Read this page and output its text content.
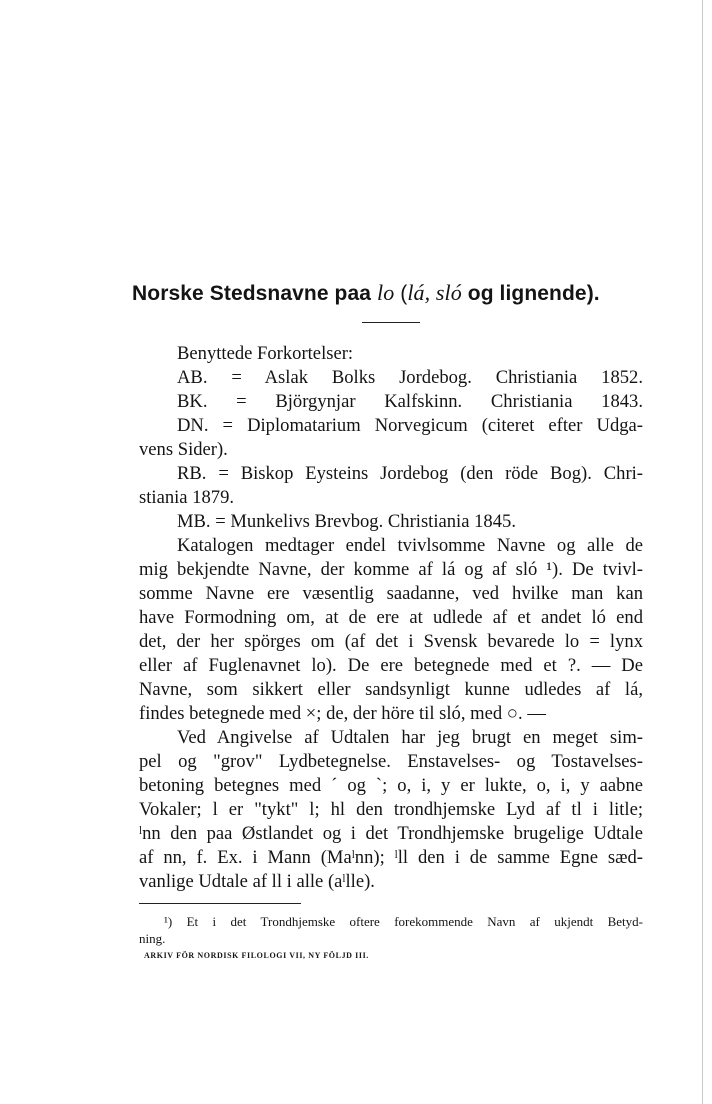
Norske Stedsnavne paa lo (lá, sló og lignende).
Benyttede Forkortelser:
AB. = Aslak Bolks Jordebog. Christiania 1852.
BK. = Björgynjar Kalfskinn. Christiania 1843.
DN. = Diplomatarium Norvegicum (citeret efter Udga-
vens Sider).
RB. = Biskop Eysteins Jordebog (den röde Bog). Chri-
stiania 1879.
MB. = Munkelivs Brevbog. Christiania 1845.
Katalogen medtager endel tvivlsomme Navne og alle de
mig bekjendte Navne, der komme af lá og af sló ¹). De tvivl-
somme Navne ere væsentlig saadanne, ved hvilke man kan
have Formodning om, at de ere at udlede af et andet ló end
det, der her spörges om (af det i Svensk bevarede lo = lynx
eller af Fuglenavnet lo). De ere betegnede med et ?. — De
Navne, som sikkert eller sandsynligt kunne udledes af lá,
findes betegnede med ×; de, der höre til sló, med ○. —
Ved Angivelse af Udtalen har jeg brugt en meget sim-
pel og "grov" Lydbetegnelse. Enstavelses- og Tostavelses-
betoning betegnes med ´ og `; o, i, y er lukte, o, i, y aabne
Vokaler; l er "tykt" l; hl den trondhjemske Lyd af tl i litle;
ˡnn den paa Østlandet og i det Trondhjemske brugelige Udtale
af nn, f. Ex. i Mann (Maˡnn); ˡll den i de samme Egne sæd-
vanlige Udtale af ll i alle (aˡlle).
¹) Et i det Trondhjemske oftere forekommende Navn af ukjendt Betyd-
ning.
ARKIV FÖR NORDISK FILOLOGI VII, NY FÖLJD III.
